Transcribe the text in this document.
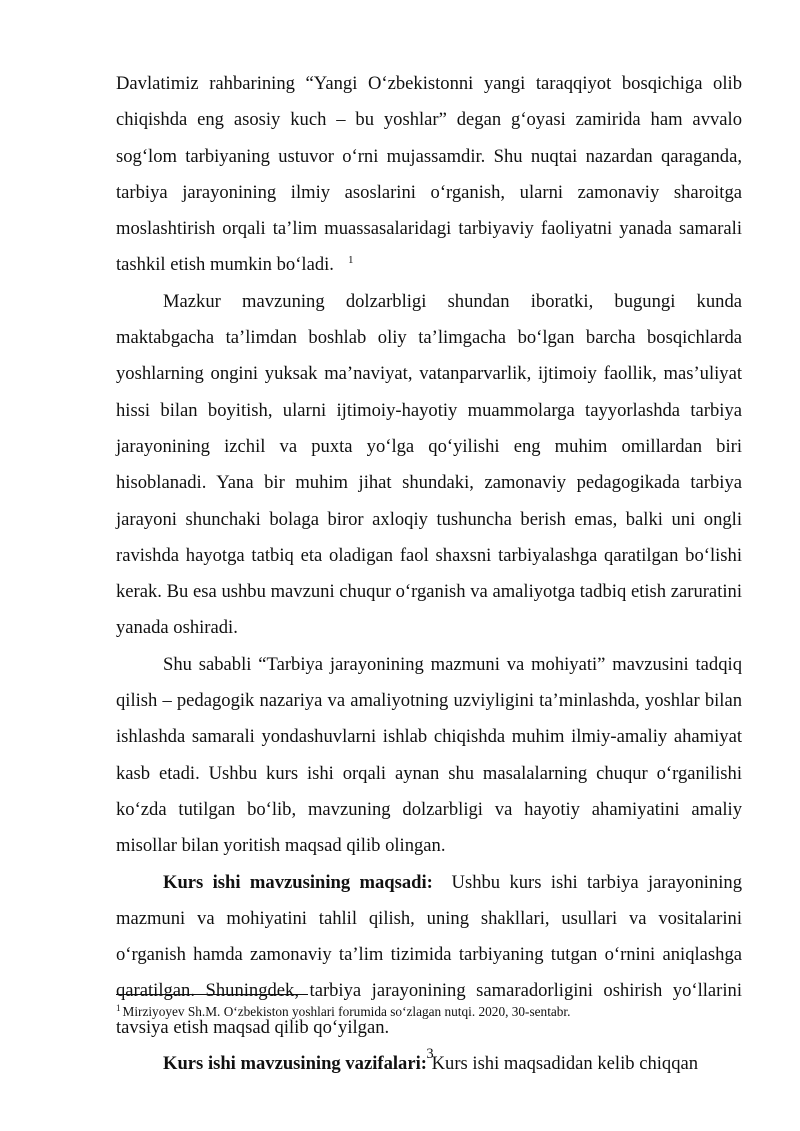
Davlatimiz rahbarining “Yangi O‘zbekistonni yangi taraqqiyot bosqichiga olib chiqishda eng asosiy kuch – bu yoshlar” degan g‘oyasi zamirida ham avvalo sog‘lom tarbiyaning ustuvor o‘rni mujassamdir. Shu nuqtai nazardan qaraganda, tarbiya jarayonining ilmiy asoslarini o‘rganish, ularni zamonaviy sharoitga moslashtirish orqali ta’lim muassasalaridagi tarbiyaviy faoliyatni yanada samarali tashkil etish mumkin bo‘ladi. $^1$

Mazkur mavzuning dolzarbligi shundan iboratki, bugungi kunda maktabgacha ta’limdan boshlab oliy ta’limgacha bo‘lgan barcha bosqichlarda yoshlarning ongini yuksak ma’naviyat, vatanparvarlik, ijtimoiy faollik, mas’uliyat hissi bilan boyitish, ularni ijtimoiy-hayotiy muammolarga tayyorlashda tarbiya jarayonining izchil va puxta yo‘lga qo‘yilishi eng muhim omillardan biri hisoblanadi. Yana bir muhim jihat shundaki, zamonaviy pedagogikada tarbiya jarayoni shunchaki bolaga biror axloqiy tushuncha berish emas, balki uni ongli ravishda hayotga tatbiq eta oladigan faol shaxsni tarbiyalashga qaratilgan bo‘lishi kerak. Bu esa ushbu mavzuni chuqur o‘rganish va amaliyotga tadbiq etish zaruratini yanada oshiradi.

Shu sababli “Tarbiya jarayonining mazmuni va mohiyati” mavzusini tadqiq qilish – pedagogik nazariya va amaliyotning uzviyligini ta’minlashda, yoshlar bilan ishlashda samarali yondashuvlarni ishlab chiqishda muhim ilmiy-amaliy ahamiyat kasb etadi. Ushbu kurs ishi orqali aynan shu masalalarning chuqur o‘rganilishi ko‘zda tutilgan bo‘lib, mavzuning dolzarbligi va hayotiy ahamiyatini amaliy misollar bilan yoritish maqsad qilib olingan.

Kurs ishi mavzusining maqsadi: Ushbu kurs ishi tarbiya jarayonining mazmuni va mohiyatini tahlil qilish, uning shakllari, usullari va vositalarini o‘rganish hamda zamonaviy ta’lim tizimida tarbiyaning tutgan o‘rnini aniqlashga qaratilgan. Shuningdek, tarbiya jarayonining samaradorligini oshirish yo‘llarini tavsiya etish maqsad qilib qo‘yilgan.

Kurs ishi mavzusining vazifalari: Kurs ishi maqsadidan kelib chiqqan

$^1$ Mirziyoyev Sh.M. O‘zbekiston yoshlari forumida so‘zlagan nutqi. 2020, 30-sentabr.
3
